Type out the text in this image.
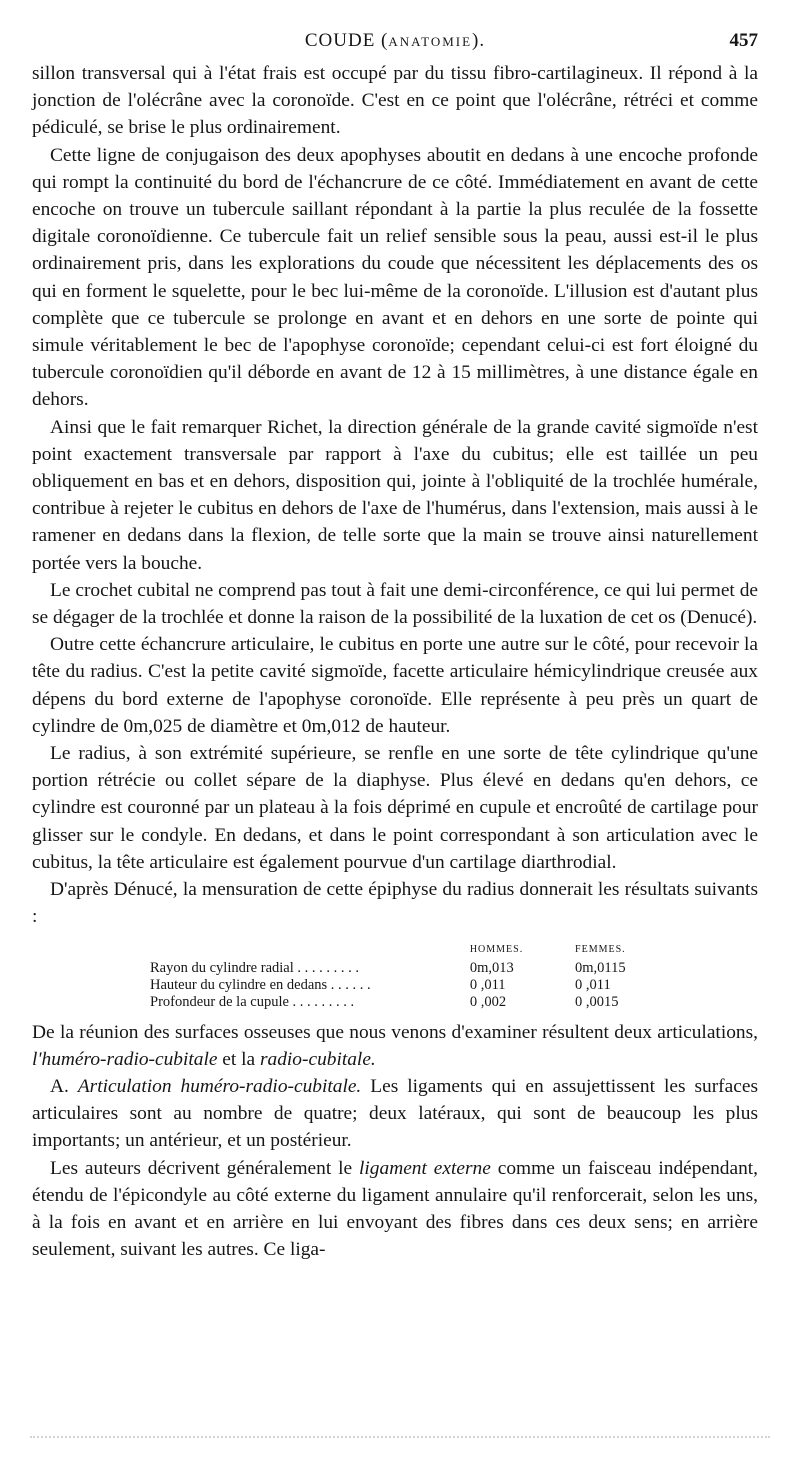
COUDE (ANATOMIE).	457

sillon transversal qui à l'état frais est occupé par du tissu fibro-cartilagineux. Il répond à la jonction de l'olécrâne avec la coronoïde. C'est en ce point que l'olécrâne, rétréci et comme pédiculé, se brise le plus ordinairement.

Cette ligne de conjugaison des deux apophyses aboutit en dedans à une encoche profonde qui rompt la continuité du bord de l'échancrure de ce côté. Immédiatement en avant de cette encoche on trouve un tubercule saillant répondant à la partie la plus reculée de la fossette digitale coronoïdienne. Ce tubercule fait un relief sensible sous la peau, aussi est-il le plus ordinairement pris, dans les explorations du coude que nécessitent les déplacements des os qui en forment le squelette, pour le bec lui-même de la coronoïde. L'illusion est d'autant plus complète que ce tubercule se prolonge en avant et en dehors en une sorte de pointe qui simule véritablement le bec de l'apophyse coronoïde; cependant celui-ci est fort éloigné du tubercule coronoïdien qu'il déborde en avant de 12 à 15 millimètres, à une distance égale en dehors.

Ainsi que le fait remarquer Richet, la direction générale de la grande cavité sigmoïde n'est point exactement transversale par rapport à l'axe du cubitus; elle est taillée un peu obliquement en bas et en dehors, disposition qui, jointe à l'obliquité de la trochlée humérale, contribue à rejeter le cubitus en dehors de l'axe de l'humérus, dans l'extension, mais aussi à le ramener en dedans dans la flexion, de telle sorte que la main se trouve ainsi naturellement portée vers la bouche.

Le crochet cubital ne comprend pas tout à fait une demi-circonférence, ce qui lui permet de se dégager de la trochlée et donne la raison de la possibilité de la luxation de cet os (Denucé).

Outre cette échancrure articulaire, le cubitus en porte une autre sur le côté, pour recevoir la tête du radius. C'est la petite cavité sigmoïde, facette articulaire hémicylindrique creusée aux dépens du bord externe de l'apophyse coronoïde. Elle représente à peu près un quart de cylindre de 0m,025 de diamètre et 0m,012 de hauteur.

Le radius, à son extrémité supérieure, se renfle en une sorte de tête cylindrique qu'une portion rétrécie ou collet sépare de la diaphyse. Plus élevé en dedans qu'en dehors, ce cylindre est couronné par un plateau à la fois déprimé en cupule et encroûté de cartilage pour glisser sur le condyle. En dedans, et dans le point correspondant à son articulation avec le cubitus, la tête articulaire est également pourvue d'un cartilage diarthrodial.

D'après Dénucé, la mensuration de cette épiphyse du radius donnerait les résultats suivants :

	HOMMES.	FEMMES.
Rayon du cylindre radial . . . . . . . . .	0m,013	0m,0115
Hauteur du cylindre en dedans . . . . . .	0 ,011	0 ,011
Profondeur de la cupule . . . . . . . . .	0 ,002	0 ,0015

De la réunion des surfaces osseuses que nous venons d'examiner résultent deux articulations, l'huméro-radio-cubitale et la radio-cubitale.

A. Articulation huméro-radio-cubitale. Les ligaments qui en assujettissent les surfaces articulaires sont au nombre de quatre; deux latéraux, qui sont de beaucoup les plus importants; un antérieur, et un postérieur.

Les auteurs décrivent généralement le ligament externe comme un faisceau indépendant, étendu de l'épicondyle au côté externe du ligament annulaire qu'il renforcerait, selon les uns, à la fois en avant et en arrière en lui envoyant des fibres dans ces deux sens; en arrière seulement, suivant les autres. Ce liga-
